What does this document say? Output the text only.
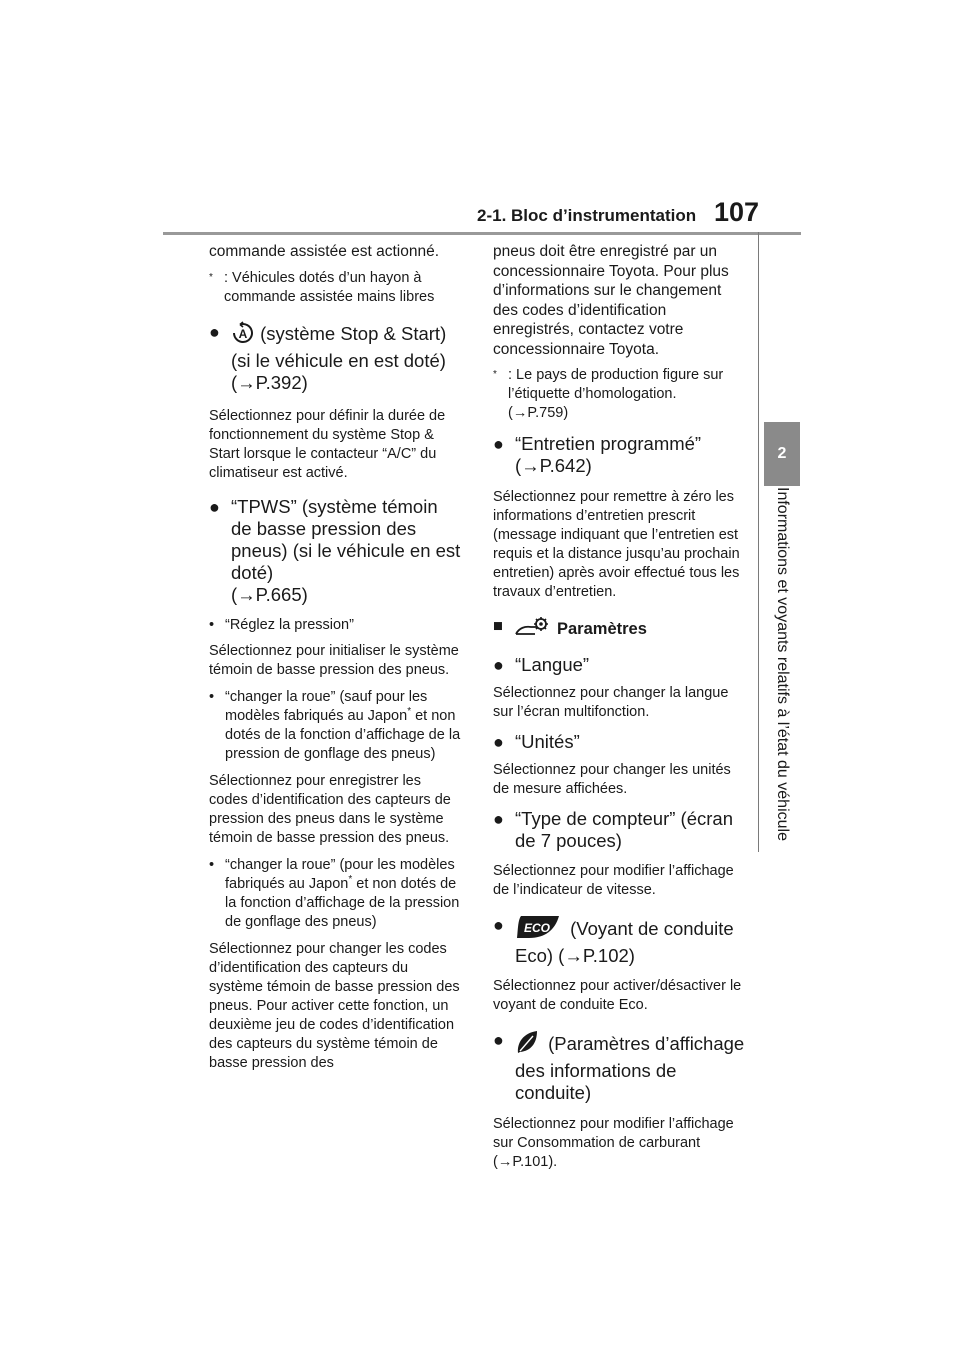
2-1. Bloc d’instrumentation 107
2
Informations et voyants relatifs à l’état du véhicule

commande assistée est actionné.

* : Véhicules dotés d’un hayon à commande assistée mains libres
● A (système Stop & Start) (si le véhicule en est doté)
(→P.392)

Sélectionnez pour définir la durée de fonctionnement du système Stop & Start lorsque le contacteur “A/C” du climatiseur est activé.

● “TPWS” (système témoin de basse pression des pneus) (si le véhicule en est doté)
(→P.665)
• “Réglez la pression”

Sélectionnez pour initialiser le système témoin de basse pression des pneus.

• “changer la roue” (sauf pour les modèles fabriqués au Japon* et non dotés de la fonction d’affichage de la pression de gonflage des pneus)

Sélectionnez pour enregistrer les codes d’identification des capteurs de pression des pneus dans le système témoin de basse pression des pneus.

• “changer la roue” (pour les modèles fabriqués au Japon* et non dotés de la fonction d’affichage de la pression de gonflage des pneus)

Sélectionnez pour changer les codes d’identification des capteurs du système témoin de basse pression des pneus. Pour activer cette fonction, un deuxième jeu de codes d’identification des capteurs du système témoin de basse pression des

pneus doit être enregistré par un concessionnaire Toyota. Pour plus d’informations sur le changement des codes d’identification enregistrés, contactez votre concessionnaire Toyota.

* : Le pays de production figure sur l’étiquette d’homologation.
(→P.759)
● “Entretien programmé”
(→P.642)

Sélectionnez pour remettre à zéro les informations d’entretien prescrit (message indiquant que l’entretien est requis et la distance jusqu’au prochain entretien) après avoir effectué tous les travaux d’entretien.

■	Paramètres
● “Langue”

Sélectionnez pour changer la langue sur l’écran multifonction.

● “Unités”

Sélectionnez pour changer les unités de mesure affichées.

● “Type de compteur” (écran de 7 pouces)

Sélectionnez pour modifier l’affichage de l’indicateur de vitesse.

● ECO (Voyant de conduite Eco) (→P.102)

Sélectionnez pour activer/désactiver le voyant de conduite Eco.

● (Paramètres d’affichage des informations de conduite)

Sélectionnez pour modifier l’affichage sur Consommation de carburant (→P.101).
